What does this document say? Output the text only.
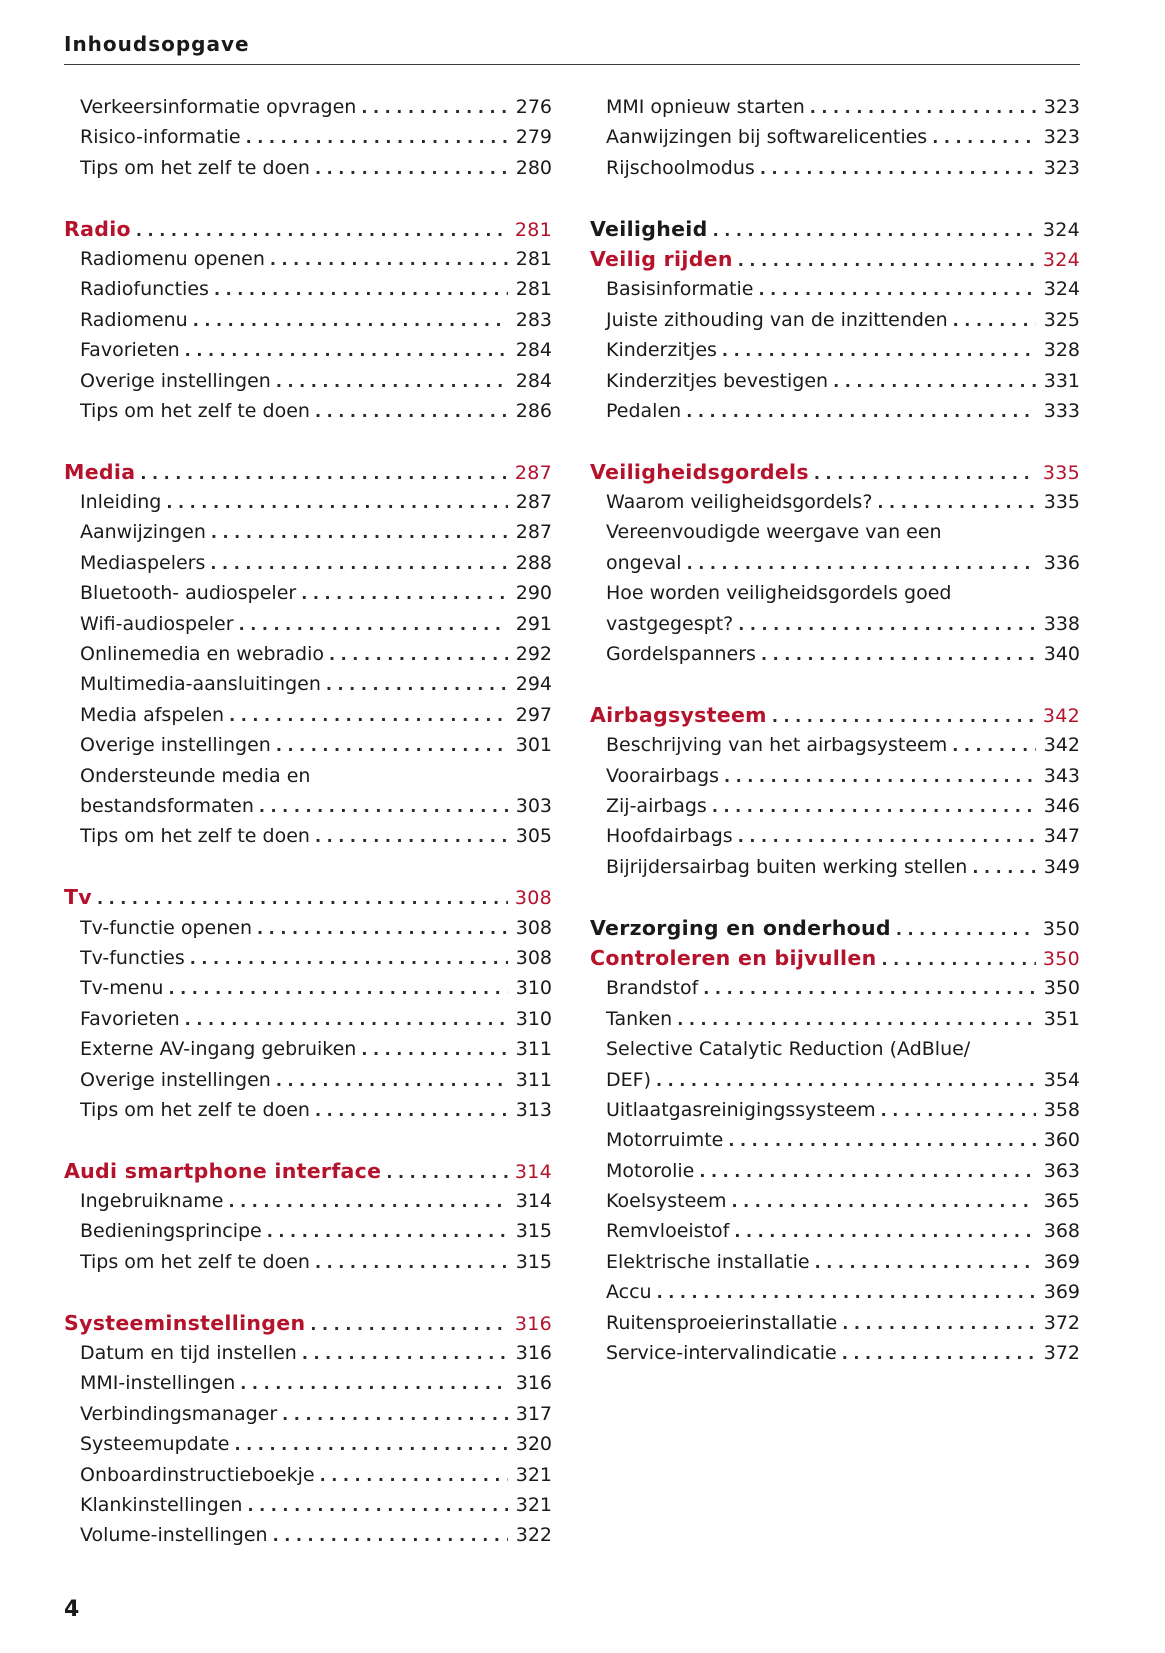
Inhoudsopgave
Verkeersinformatie opvragen . . .	276
Risico-informatie . . .	279
Tips om het zelf te doen . . .	280
Radio . . .	281
Radiomenu openen . . .	281
Radiofuncties . . .	281
Radiomenu . . .	283
Favorieten . . .	284
Overige instellingen . . .	284
Tips om het zelf te doen . . .	286
Media . . .	287
Inleiding . . .	287
Aanwijzingen . . .	287
Mediaspelers . . .	288
Bluetooth- audiospeler . . .	290
Wifi-audiospeler . . .	291
Onlinemedia en webradio . . .	292
Multimedia-aansluitingen . . .	294
Media afspelen . . .	297
Overige instellingen . . .	301
Ondersteunde media en
bestandsformaten . . .	303
Tips om het zelf te doen . . .	305
Tv . . .	308
Tv-functie openen . . .	308
Tv-functies . . .	308
Tv-menu . . .	310
Favorieten . . .	310
Externe AV-ingang gebruiken . . .	311
Overige instellingen . . .	311
Tips om het zelf te doen . . .	313
Audi smartphone interface . . .	314
Ingebruikname . . .	314
Bedieningsprincipe . . .	315
Tips om het zelf te doen . . .	315
Systeeminstellingen . . .	316
Datum en tijd instellen . . .	316
MMI-instellingen . . .	316
Verbindingsmanager . . .	317
Systeemupdate . . .	320
Onboardinstructieboekje . . .	321
Klankinstellingen . . .	321
Volume-instellingen . . .	322
MMI opnieuw starten . . .	323
Aanwijzingen bij softwarelicenties . . .	323
Rijschoolmodus . . .	323
Veiligheid . . .	324
Veilig rijden . . .	324
Basisinformatie . . .	324
Juiste zithouding van de inzittenden . . .	325
Kinderzitjes . . .	328
Kinderzitjes bevestigen . . .	331
Pedalen . . .	333
Veiligheidsgordels . . .	335
Waarom veiligheidsgordels? . . .	335
Vereenvoudigde weergave van een
ongeval . . .	336
Hoe worden veiligheidsgordels goed
vastgegespt? . . .	338
Gordelspanners . . .	340
Airbagsysteem . . .	342
Beschrijving van het airbagsysteem . . .	342
Voorairbags . . .	343
Zij-airbags . . .	346
Hoofdairbags . . .	347
Bijrijdersairbag buiten werking stellen . . .	349
Verzorging en onderhoud . . .	350
Controleren en bijvullen . . .	350
Brandstof . . .	350
Tanken . . .	351
Selective Catalytic Reduction (AdBlue/
DEF) . . .	354
Uitlaatgasreinigingssysteem . . .	358
Motorruimte . . .	360
Motorolie . . .	363
Koelsysteem . . .	365
Remvloeistof . . .	368
Elektrische installatie . . .	369
Accu . . .	369
Ruitensproeierinstallatie . . .	372
Service-intervalindicatie . . .	372
4
